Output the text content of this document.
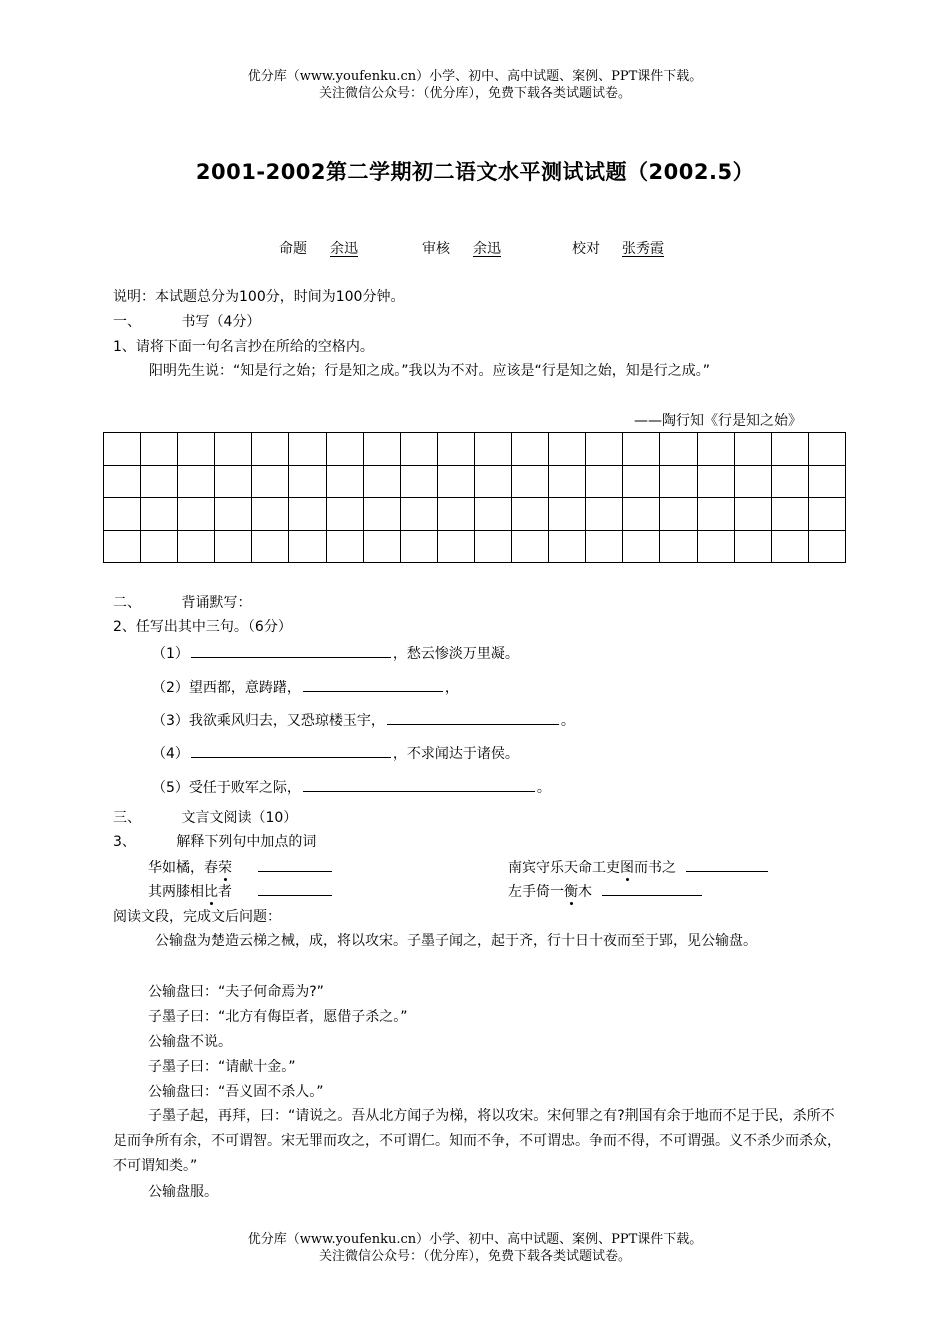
优分库（www.youfenku.cn）小学、初中、高中试题、案例、PPT课件下载。
关注微信公众号：（优分库），免费下载各类试题试卷。
2001-2002第二学期初二语文水平测试试题（2002.5）
命题 余迅	审核 余迅	校对 张秀霞
说明：本试题总分为100分，时间为100分钟。
一、	书写（4分）
1、请将下面一句名言抄在所给的空格内。
阳明先生说：“知是行之始；行是知之成。”我以为不对。应该是“行是知之始，知是行之成。”
——陶行知《行是知之始》

二、	背诵默写：
2、任写出其中三句。（6分）
（1）	，愁云惨淡万里凝。
（2）望西都，意踌躇，	，
（3）我欲乘风归去，又恐琼楼玉宇，	。
（4）	，不求闻达于诸侯。
（5）受任于败军之际，	。
三、	文言文阅读（10）
3、	解释下列句中加点的词
华如橘，春荣	南宾守乐天命工吏图而书之
其两膝相比者	左手倚一衡木
阅读文段，完成文后问题：
公输盘为楚造云梯之械，成，将以攻宋。子墨子闻之，起于齐，行十日十夜而至于郢，见公输盘。
公输盘曰：“夫子何命焉为?”
子墨子曰：“北方有侮臣者，愿借子杀之。”
公输盘不说。
子墨子曰：“请献十金。”
公输盘曰：“吾义固不杀人。”
子墨子起，再拜，曰：“请说之。吾从北方闻子为梯，将以攻宋。宋何罪之有?荆国有余于地而不足于民，杀所不足而争所有余，不可谓智。宋无罪而攻之，不可谓仁。知而不争，不可谓忠。争而不得，不可谓强。义不杀少而杀众，不可谓知类。”
公输盘服。
优分库（www.youfenku.cn）小学、初中、高中试题、案例、PPT课件下载。
关注微信公众号：（优分库），免费下载各类试题试卷。
